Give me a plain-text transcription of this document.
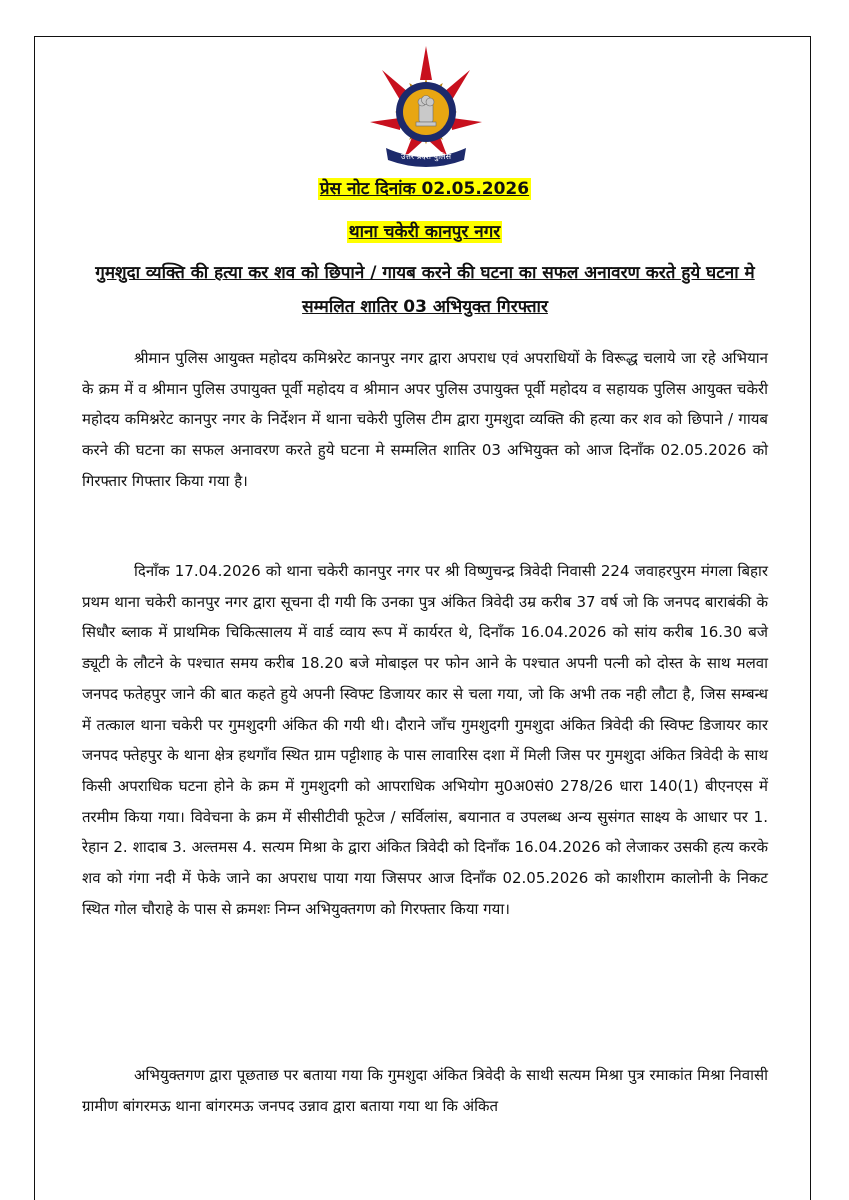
उत्तर प्रदेश पुलिस
प्रेस नोट दिनांक 02.05.2026
थाना चकेरी कानपुर नगर
गुमशुदा व्यक्ति की हत्या कर शव को छिपाने / गायब करने की घटना का सफल अनावरण करते हुये घटना मे सम्मलित शातिर 03 अभियुक्त गिरफ्तार

श्रीमान पुलिस आयुक्त महोदय कमिश्नरेट कानपुर नगर द्वारा अपराध एवं अपराधियों के विरूद्ध चलाये जा रहे अभियान के क्रम में व श्रीमान पुलिस उपायुक्त पूर्वी महोदय व श्रीमान अपर पुलिस उपायुक्त पूर्वी महोदय व सहायक पुलिस आयुक्त चकेरी महोदय कमिश्नरेट कानपुर नगर के निर्देशन में थाना चकेरी पुलिस टीम द्वारा गुमशुदा व्यक्ति की हत्या कर शव को छिपाने / गायब करने की घटना का सफल अनावरण करते हुये घटना मे सम्मलित शातिर 03 अभियुक्त को आज दिनाँक 02.05.2026 को गिरफ्तार गिफ्तार किया गया है।

दिनाँक 17.04.2026 को थाना चकेरी कानपुर नगर पर श्री विष्णुचन्द्र त्रिवेदी निवासी 224 जवाहरपुरम मंगला बिहार प्रथम थाना चकेरी कानपुर नगर द्वारा सूचना दी गयी कि उनका पुत्र अंकित त्रिवेदी उम्र करीब 37 वर्ष जो कि जनपद बाराबंकी के सिधौर ब्लाक में प्राथमिक चिकित्सालय में वार्ड व्वाय रूप में कार्यरत थे, दिनाँक 16.04.2026 को सांय करीब 16.30 बजे ड्यूटी के लौटने के पश्चात समय करीब 18.20 बजे मोबाइल पर फोन आने के पश्चात अपनी पत्नी को दोस्त के साथ मलवा जनपद फतेहपुर जाने की बात कहते हुये अपनी स्विफ्ट डिजायर कार से चला गया, जो कि अभी तक नही लौटा है, जिस सम्बन्ध में तत्काल थाना चकेरी पर गुमशुदगी अंकित की गयी थी। दौराने जाँच गुमशुदगी गुमशुदा अंकित त्रिवेदी की स्विफ्ट डिजायर कार जनपद फ्तेहपुर के थाना क्षेत्र हथगाँव स्थित ग्राम पट्टीशाह के पास लावारिस दशा में मिली जिस पर गुमशुदा अंकित त्रिवेदी के साथ किसी अपराधिक घटना होने के क्रम में गुमशुदगी को आपराधिक अभियोग मु0अ0सं0 278/26 धारा 140(1) बीएनएस में तरमीम किया गया। विवेचना के क्रम में सीसीटीवी फूटेज / सर्विलांस, बयानात व उपलब्ध अन्य सुसंगत साक्ष्य के आधार पर 1. रेहान 2. शादाब 3. अल्तमस 4. सत्यम मिश्रा के द्वारा अंकित त्रिवेदी को दिनाँक 16.04.2026 को लेजाकर उसकी हत्य करके शव को गंगा नदी में फेके जाने का अपराध पाया गया जिसपर आज दिनाँक 02.05.2026 को काशीराम कालोनी के निकट स्थित गोल चौराहे के पास से क्रमशः निम्न अभियुक्तगण को गिरफ्तार किया गया।

अभियुक्तगण द्वारा पूछताछ पर बताया गया कि गुमशुदा अंकित त्रिवेदी के साथी सत्यम मिश्रा पुत्र रमाकांत मिश्रा निवासी ग्रामीण बांगरमऊ थाना बांगरमऊ जनपद उन्नाव द्वारा बताया गया था कि अंकित
